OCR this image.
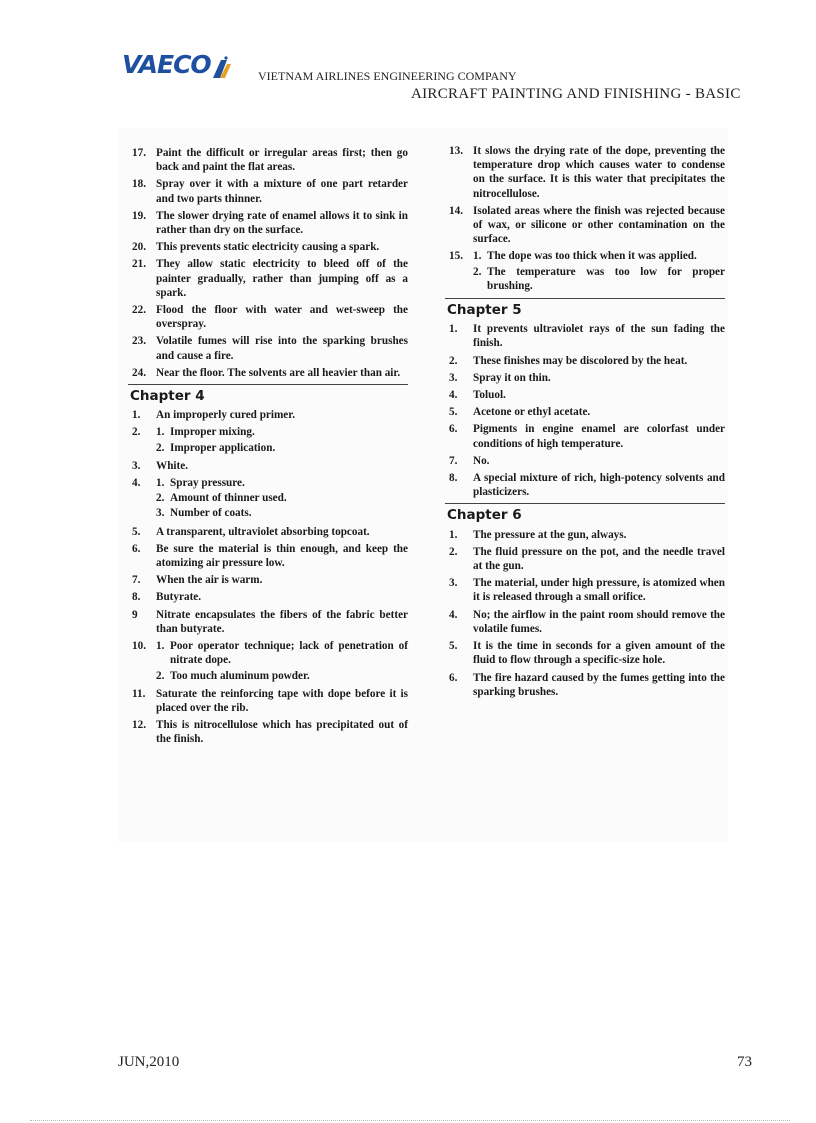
VAECO	VIETNAM AIRLINES ENGINEERING COMPANY
AIRCRAFT PAINTING AND FINISHING - BASIC
17. Paint the difficult or irregular areas first; then go back and paint the flat areas.
18. Spray over it with a mixture of one part retarder and two parts thinner.
19. The slower drying rate of enamel allows it to sink in rather than dry on the surface.
20. This prevents static electricity causing a spark.
21. They allow static electricity to bleed off of the painter gradually, rather than jumping off as a spark.
22. Flood the floor with water and wet-sweep the overspray.
23. Volatile fumes will rise into the sparking brushes and cause a fire.
24. Near the floor. The solvents are all heavier than air.
Chapter 4
1.	An improperly cured primer.
2.	1. Improper mixing.
2. Improper application.
3.	White.
4.	1. Spray pressure.
2. Amount of thinner used.
3. Number of coats.
5.	A transparent, ultraviolet absorbing topcoat.
6.	Be sure the material is thin enough, and keep the atomizing air pressure low.
7.	When the air is warm.
8.	Butyrate.
9	Nitrate encapsulates the fibers of the fabric better than butyrate.
10. 1. Poor operator technique; lack of penetration of nitrate dope.
2. Too much aluminum powder.
11. Saturate the reinforcing tape with dope before it is placed over the rib.
12. This is nitrocellulose which has precipitated out of the finish.
13. It slows the drying rate of the dope, preventing the temperature drop which causes water to condense on the surface. It is this water that precipitates the nitrocellulose.
14. Isolated areas where the finish was rejected because of wax, or silicone or other contamination on the surface.
15. 1. The dope was too thick when it was applied.
2. The temperature was too low for proper brushing.
Chapter 5
1.	It prevents ultraviolet rays of the sun fading the finish.
2.	These finishes may be discolored by the heat.
3.	Spray it on thin.
4.	Toluol.
5.	Acetone or ethyl acetate.
6.	Pigments in engine enamel are colorfast under conditions of high temperature.
7.	No.
8.	A special mixture of rich, high-potency solvents and plasticizers.
Chapter 6
1.	The pressure at the gun, always.
2.	The fluid pressure on the pot, and the needle travel at the gun.
3.	The material, under high pressure, is atomized when it is released through a small orifice.
4.	No; the airflow in the paint room should remove the volatile fumes.
5.	It is the time in seconds for a given amount of the fluid to flow through a specific-size hole.
6.	The fire hazard caused by the fumes getting into the sparking brushes.
JUN,2010	73
